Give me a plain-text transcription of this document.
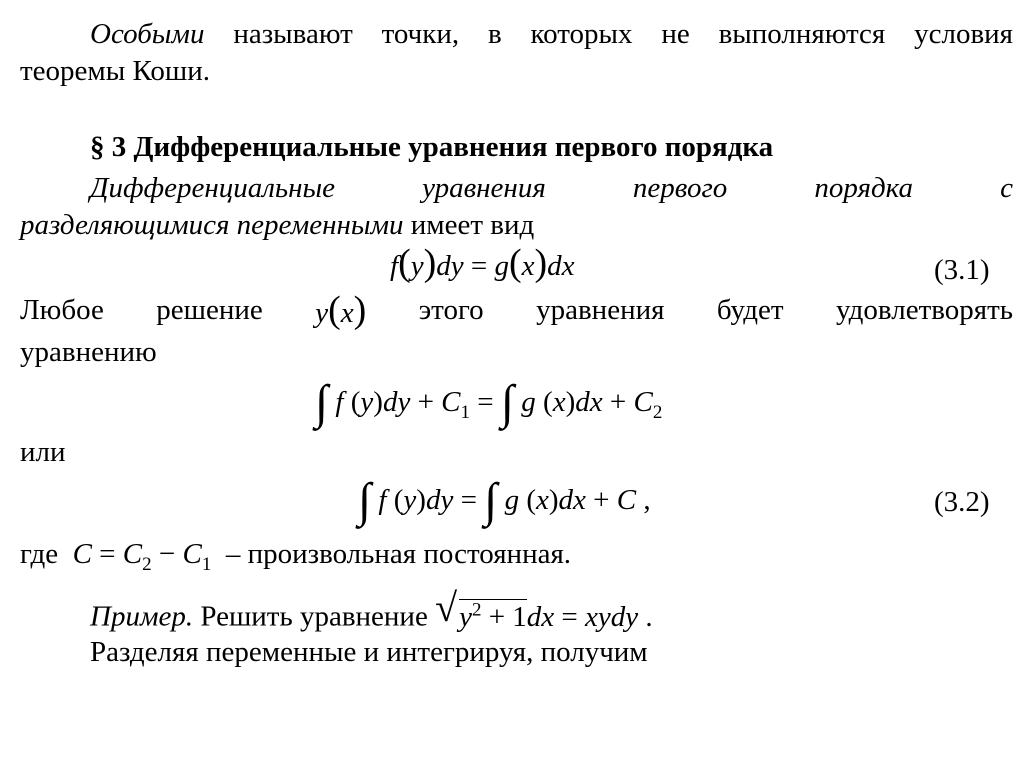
Особыми называют точки, в которых не выполняются условия
теоремы Коши.
§ 3 Дифференциальные уравнения первого порядка
Дифференциальные	уравнения	первого	порядка	с
разделяющимися переменными имеет вид
f(y)dy = g(x)dx	(3.1)
Любое решение y(x) этого уравнения будет удовлетворять
уравнению
∫ f $(y)dy + C_1$ = ∫ g $(x)dx + C_2$
или
∫ f (y)dy = ∫ g (x)dx + C ,	(3.2)
где $C = C_2 - C_1$ – произвольная постоянная.
Пример. Решить уравнение √ $y^2 + 1dx$ = xydy .
Разделяя переменные и интегрируя, получим
